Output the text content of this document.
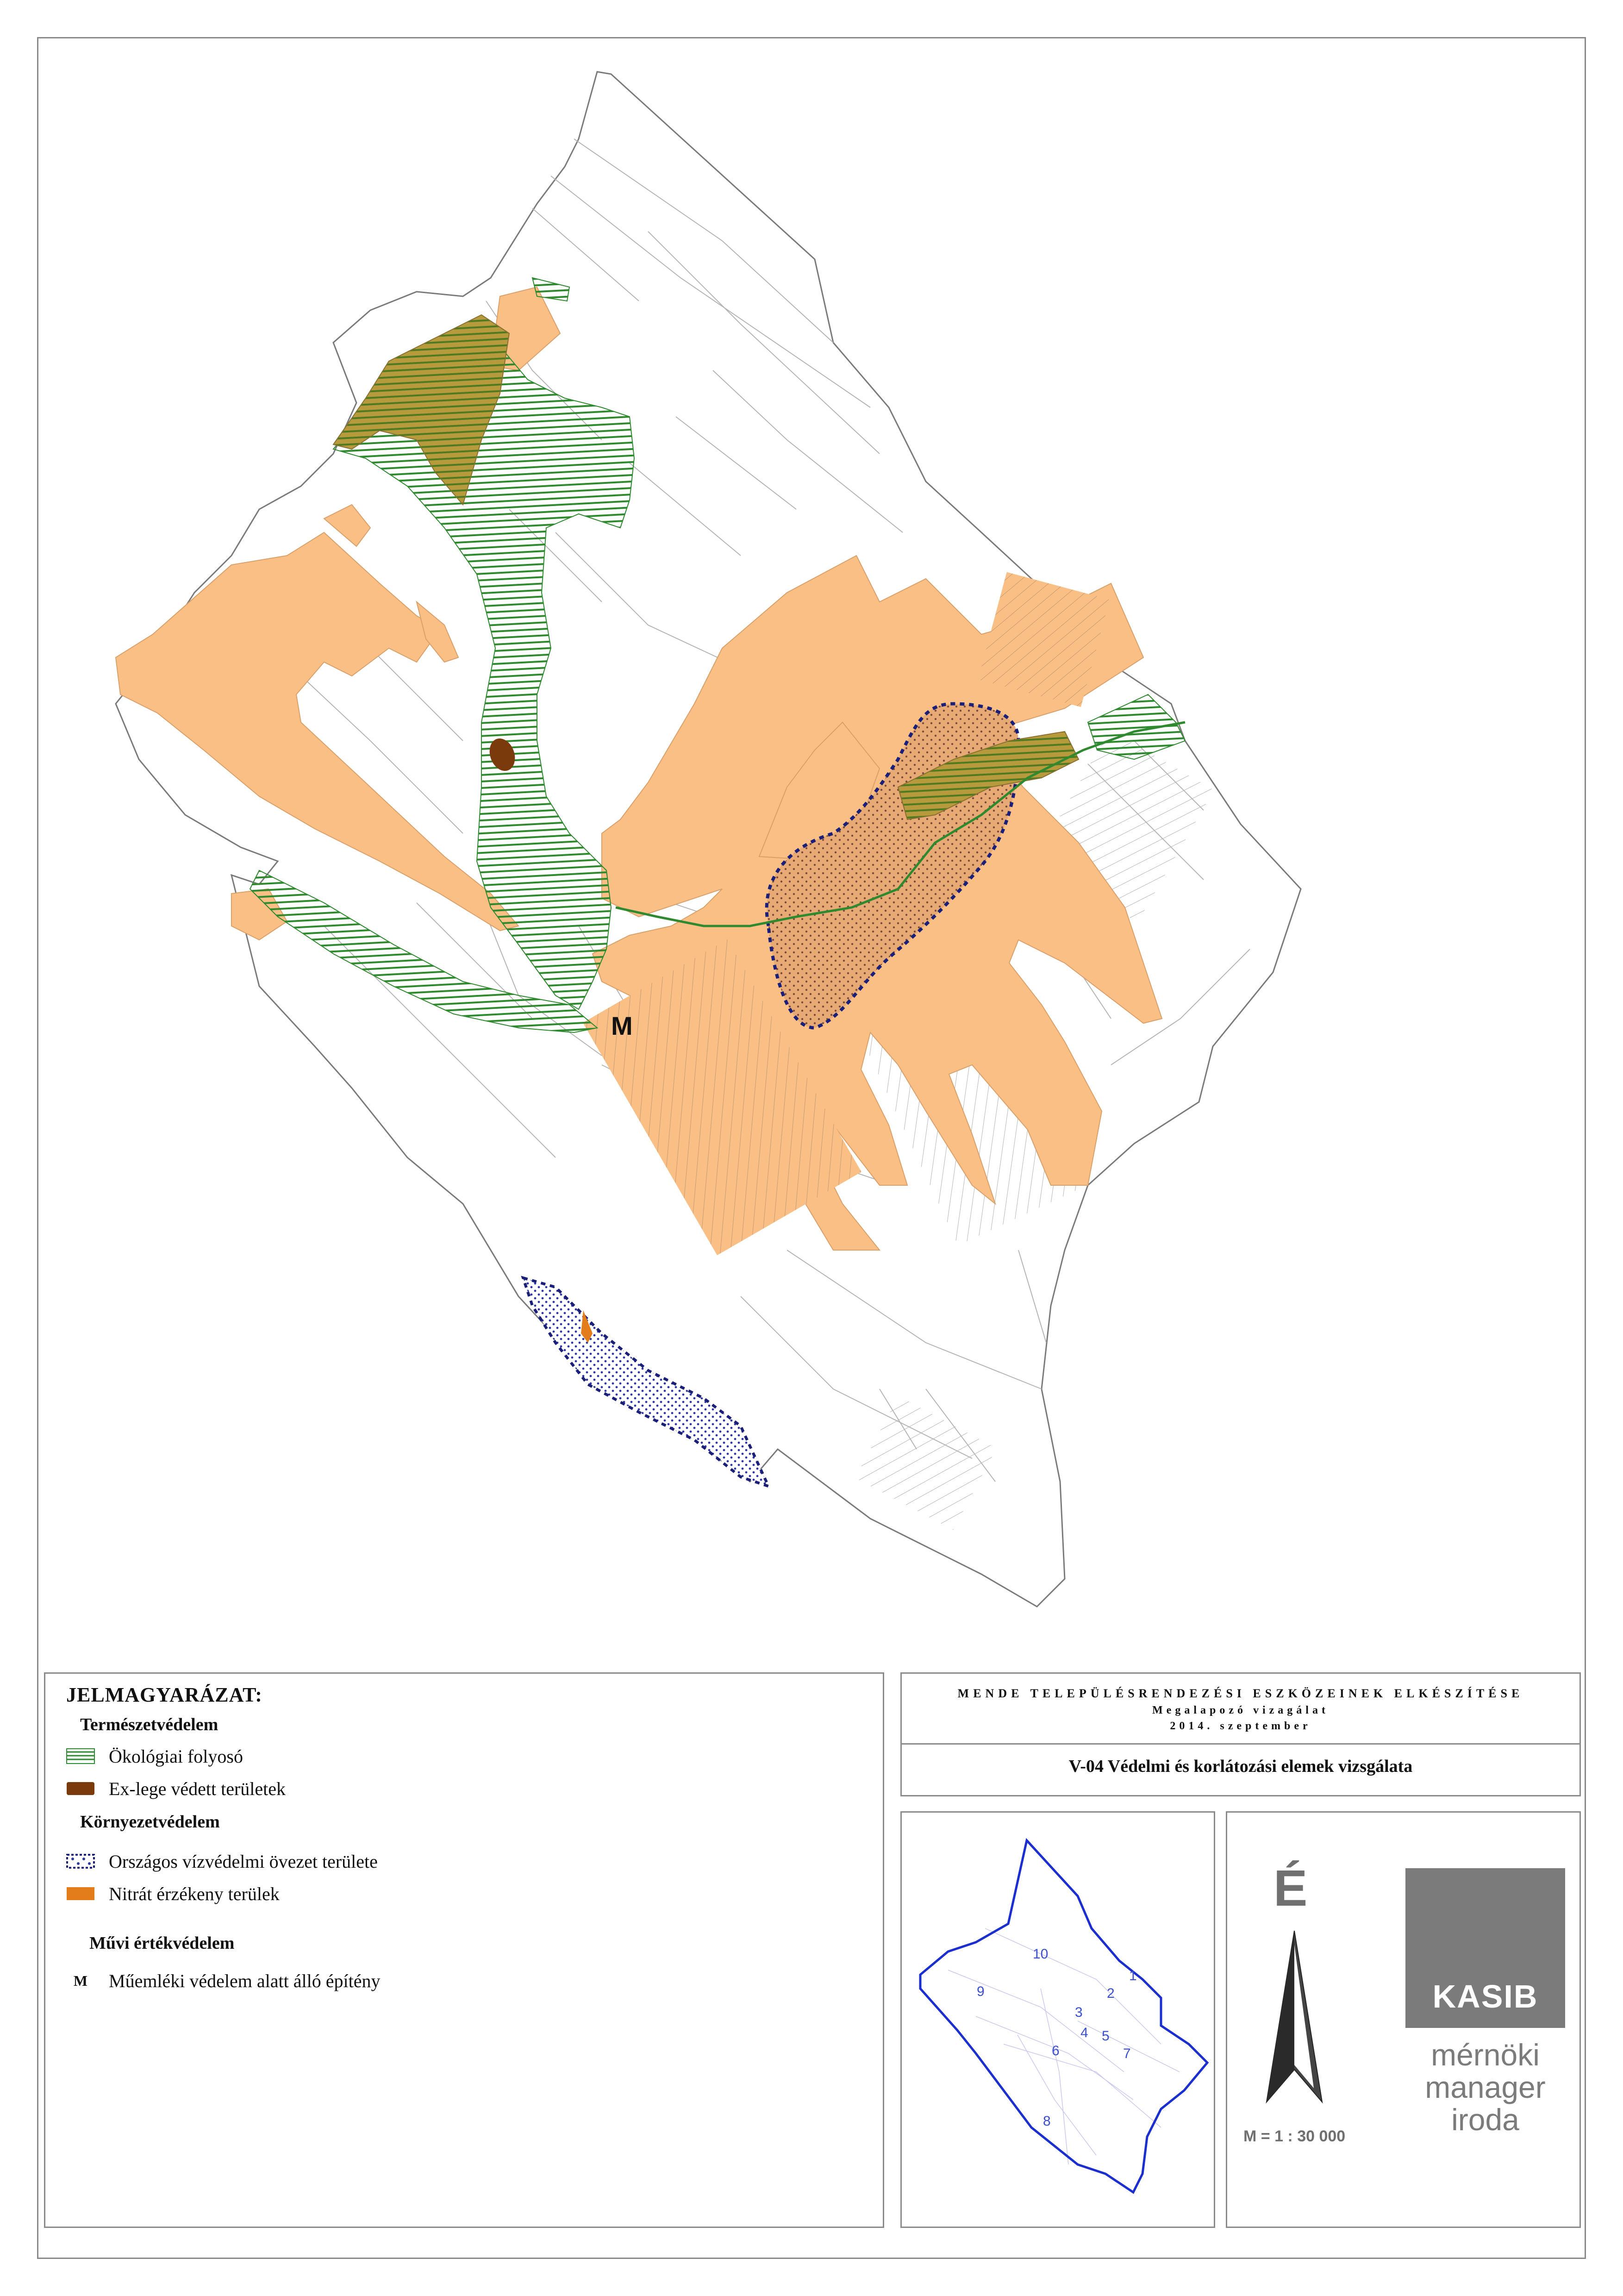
M
JELMAGYARÁZAT:
Természetvédelem
Ökológiai folyosó
Ex-lege védett területek
Környezetvédelem
Országos vízvédelmi övezet területe
Nitrát érzékeny terülek
Művi értékvédelem
M	Műemléki védelem alatt álló építény
MENDE TELEPÜLÉSRENDEZÉSI ESZKÖZEINEK ELKÉSZÍTÉSE
Megalapozó vizagálat
2014. szeptember
V-04 Védelmi és korlátozási elemek vizsgálata
1
2
3
4 5
6	7
8
9
10
É
M = 1 : 30 000
KASIB
mérnöki
manager
iroda
